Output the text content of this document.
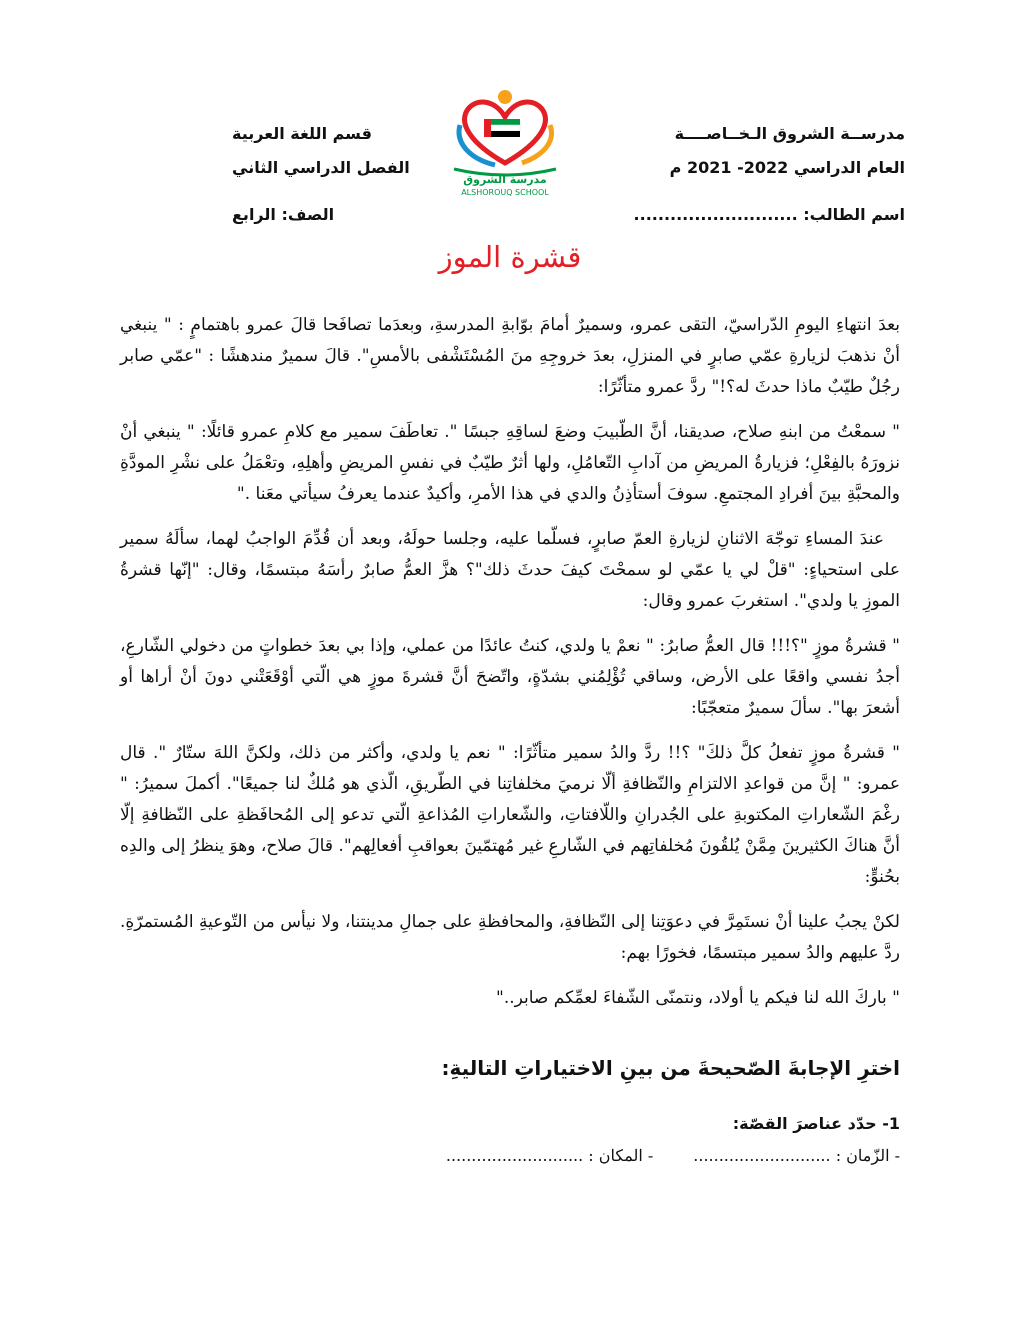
مدرســة الشروق الـخــاصــــة
العام الدراسي 2022- 2021 م
اسم الطالب: ...........................
قسم اللغة العربية
الفصل الدراسي الثاني
الصف: الرابع
مدرسة الشروق
ALSHOROUQ SCHOOL
قشرة الموز

بعدَ انتهاءِ اليومِ الدّراسيّ، التقى عمرو، وسميرٌ أمامَ بوّابةِ المدرسةِ، وبعدَما تصافَحا قالَ عمرو باهتمامٍ : " ينبغي أنْ نذهبَ لزيارةِ عمّي صابرٍ في المنزلِ، بعدَ خروجِهِ منَ المُسْتَشْفى بالأمسِ". قالَ سميرٌ مندهشًا : "عمّي صابر رجُلٌ طيّبٌ ماذا حدثَ له؟!" ردَّ عمرو متأثّرًا:

" سمعْتُ من ابنهِ صلاح، صديقنا، أنَّ الطّبيبَ وضعَ لساقِهِ جبسًا ". تعاطَفَ سمير مع كلامِ عمرو قائلًا: " ينبغي أنْ نزورَهُ بالفِعْلِ؛ فزيارةُ المريضِ من آدابِ التّعامُلِ، ولها أثرٌ طيّبٌ في نفسِ المريضِ وأهلِهِ، وتعْمَلُ على نشْرِ المودَّةِ والمحبَّةِ بينَ أفرادِ المجتمعِ. سوفَ أستأذِنُ والدي في هذا الأمرِ، وأكيدٌ عندما يعرفُ سيأتي معَنا ."

عندَ المساءِ توجّهَ الاثنانِ لزيارةِ العمّ صابرٍ، فسلّما عليه، وجلسا حولَهُ، وبعد أن قُدِّمَ الواجبُ لهما، سألَهُ سمير على استحياءٍ: "قلْ لي يا عمّي لو سمحْتَ كيفَ حدثَ ذلك"؟ هزَّ العمُّ صابرٌ رأسَهُ مبتسمًا، وقال: "إنّها قشرةُ الموزِ يا ولدي". استغربَ عمرو وقال:

" قشرةُ موزٍ "؟!!! قال العمُّ صابرُ: " نعمْ يا ولدي، كنتُ عائدًا من عملي، وإذا بي بعدَ خطواتٍ من دخولي الشّارعِ، أجدُ نفسي واقعًا على الأرض، وساقي تُؤْلِمُني بشدّةٍ، واتّضحَ أنَّ قشرةَ موزٍ هي الّتي أوْقَعَتْني دونَ أنْ أراها أو أشعرَ بها". سألَ سميرٌ متعجّبًا:

" قشرةُ موزٍ تفعلُ كلَّ ذلكَ" ؟!! ردَّ والدُ سمير متأثّرًا: " نعم يا ولدي، وأكثر من ذلك، ولكنَّ اللهَ ستّارٌ ". قال عمرو: " إنَّ من قواعدِ الالتزامِ والنّظافةِ ألّا نرميَ مخلفاتِنا في الطّريقِ، الّذي هو مُلكٌ لنا جميعًا". أكملَ سميرُ: " رغْمَ الشّعاراتِ المكتوبةِ على الجُدرانِ واللّافتاتِ، والشّعاراتِ المُذاعةِ الّتي تدعو إلى المُحافَظةِ على النّظافةِ إلّا أنَّ هناكَ الكثيرينَ مِمَّنْ يُلقُونَ مُخلفاتِهم في الشّارعِ غير مُهتمّينَ بعواقبِ أفعالِهم". قالَ صلاح، وهوَ ينظرُ إلى والدِه بحُنوٍّ:

لكنْ يجبُ علينا أنْ نستَمِرَّ في دعوَتِنا إلى النّظافةِ، والمحافظةِ على جمالِ مدينتنا، ولا نيأس من التّوعيةِ المُستمرّةِ. ردَّ عليهم والدُ سمير مبتسمًا، فخورًا بهم:

" باركَ الله لنا فيكم يا أولاد، ونتمنّى الشّفاءَ لعمِّكم صابر.."

اخترِ الإجابةَ الصّحيحةَ من بينِ الاختياراتِ التاليةِ:
1- حدّد عناصرَ القصّة:
- الزّمان : ...........................- المكان : ...........................
